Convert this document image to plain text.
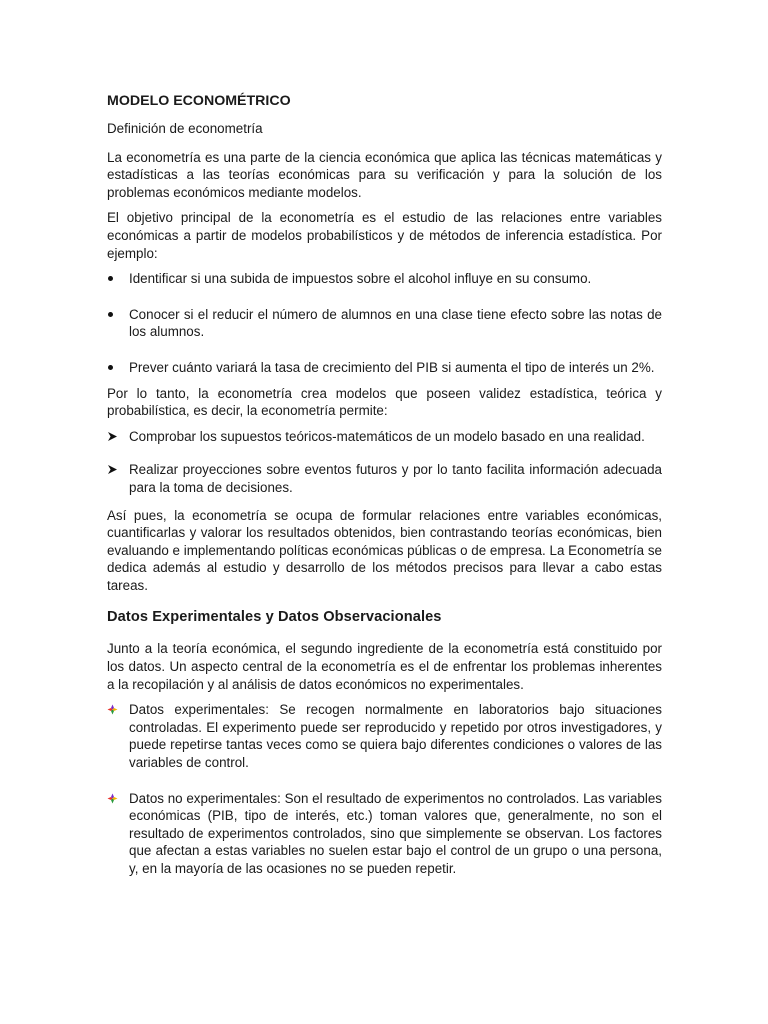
MODELO ECONOMÉTRICO
Definición de econometría

La econometría es una parte de la ciencia económica que aplica las técnicas matemáticas y estadísticas a las teorías económicas para su verificación y para la solución de los problemas económicos mediante modelos.

El objetivo principal de la econometría es el estudio de las relaciones entre variables económicas a partir de modelos probabilísticos y de métodos de inferencia estadística. Por ejemplo:

Identificar si una subida de impuestos sobre el alcohol influye en su consumo.
Conocer si el reducir el número de alumnos en una clase tiene efecto sobre las notas de los alumnos.
Prever cuánto variará la tasa de crecimiento del PIB si aumenta el tipo de interés un 2%.

Por lo tanto, la econometría crea modelos que poseen validez estadística, teórica y probabilística, es decir, la econometría permite:

Comprobar los supuestos teóricos-matemáticos de un modelo basado en una realidad.
Realizar proyecciones sobre eventos futuros y por lo tanto facilita información adecuada para la toma de decisiones.

Así pues, la econometría se ocupa de formular relaciones entre variables económicas, cuantificarlas y valorar los resultados obtenidos, bien contrastando teorías económicas, bien evaluando e implementando políticas económicas públicas o de empresa. La Econometría se dedica además al estudio y desarrollo de los métodos precisos para llevar a cabo estas tareas.

Datos Experimentales y Datos Observacionales

Junto a la teoría económica, el segundo ingrediente de la econometría está constituido por los datos. Un aspecto central de la econometría es el de enfrentar los problemas inherentes a la recopilación y al análisis de datos económicos no experimentales.

Datos experimentales: Se recogen normalmente en laboratorios bajo situaciones controladas. El experimento puede ser reproducido y repetido por otros investigadores, y puede repetirse tantas veces como se quiera bajo diferentes condiciones o valores de las variables de control.
Datos no experimentales: Son el resultado de experimentos no controlados. Las variables económicas (PIB, tipo de interés, etc.) toman valores que, generalmente, no son el resultado de experimentos controlados, sino que simplemente se observan. Los factores que afectan a estas variables no suelen estar bajo el control de un grupo o una persona, y, en la mayoría de las ocasiones no se pueden repetir.
